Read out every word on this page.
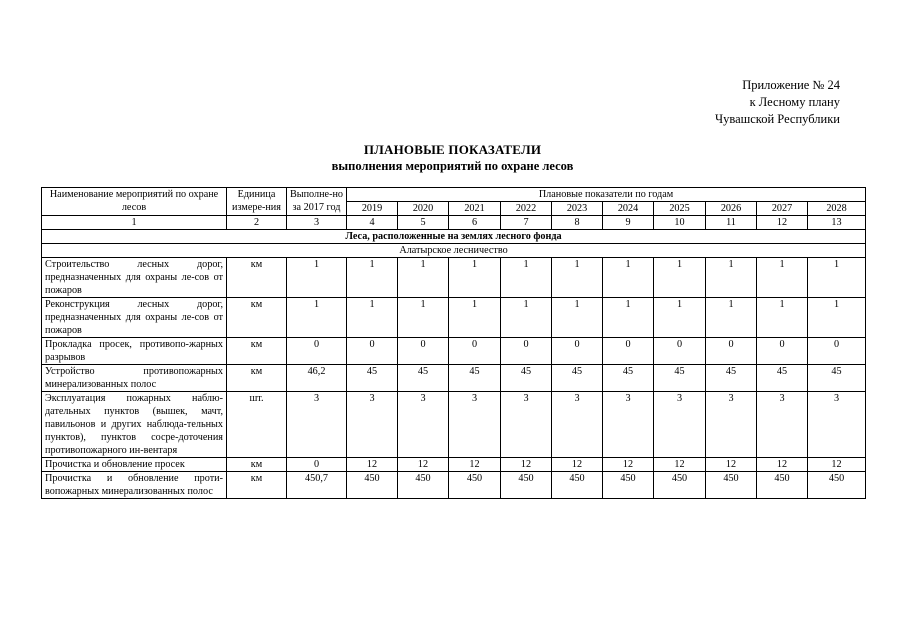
Приложение № 24
к Лесному плану
Чувашской Республики
ПЛАНОВЫЕ ПОКАЗАТЕЛИ
выполнения мероприятий по охране лесов
Наименование мероприятий по охране лесов	Единица измере-ния	Выполне-но за 2017 год	Плановые показатели по годам									
			2019	2020	2021	2022	2023	2024	2025	2026	2027	2028
1	2	3	4	5	6	7	8	9	10	11	12	13
Леса, расположенные на землях лесного фонда												
Алатырское лесничество												
Строительство лесных дорог, предназначенных для охраны ле-сов от пожаров	км	1	1	1	1	1	1	1	1	1	1	1
Реконструкция лесных дорог, предназначенных для охраны ле-сов от пожаров	км	1	1	1	1	1	1	1	1	1	1	1
Прокладка просек, противопо-жарных разрывов	км	0	0	0	0	0	0	0	0	0	0	0
Устройство противопожарных минерализованных полос	км	46,2	45	45	45	45	45	45	45	45	45	45
Эксплуатация пожарных наблю-дательных пунктов (вышек, мачт, павильонов и других наблюда-тельных пунктов), пунктов сосре-доточения противопожарного ин-вентаря	шт.	3	3	3	3	3	3	3	3	3	3	3
Прочистка и обновление просек	км	0	12	12	12	12	12	12	12	12	12	12
Прочистка и обновление проти-вопожарных минерализованных полос	км	450,7	450	450	450	450	450	450	450	450	450	450
